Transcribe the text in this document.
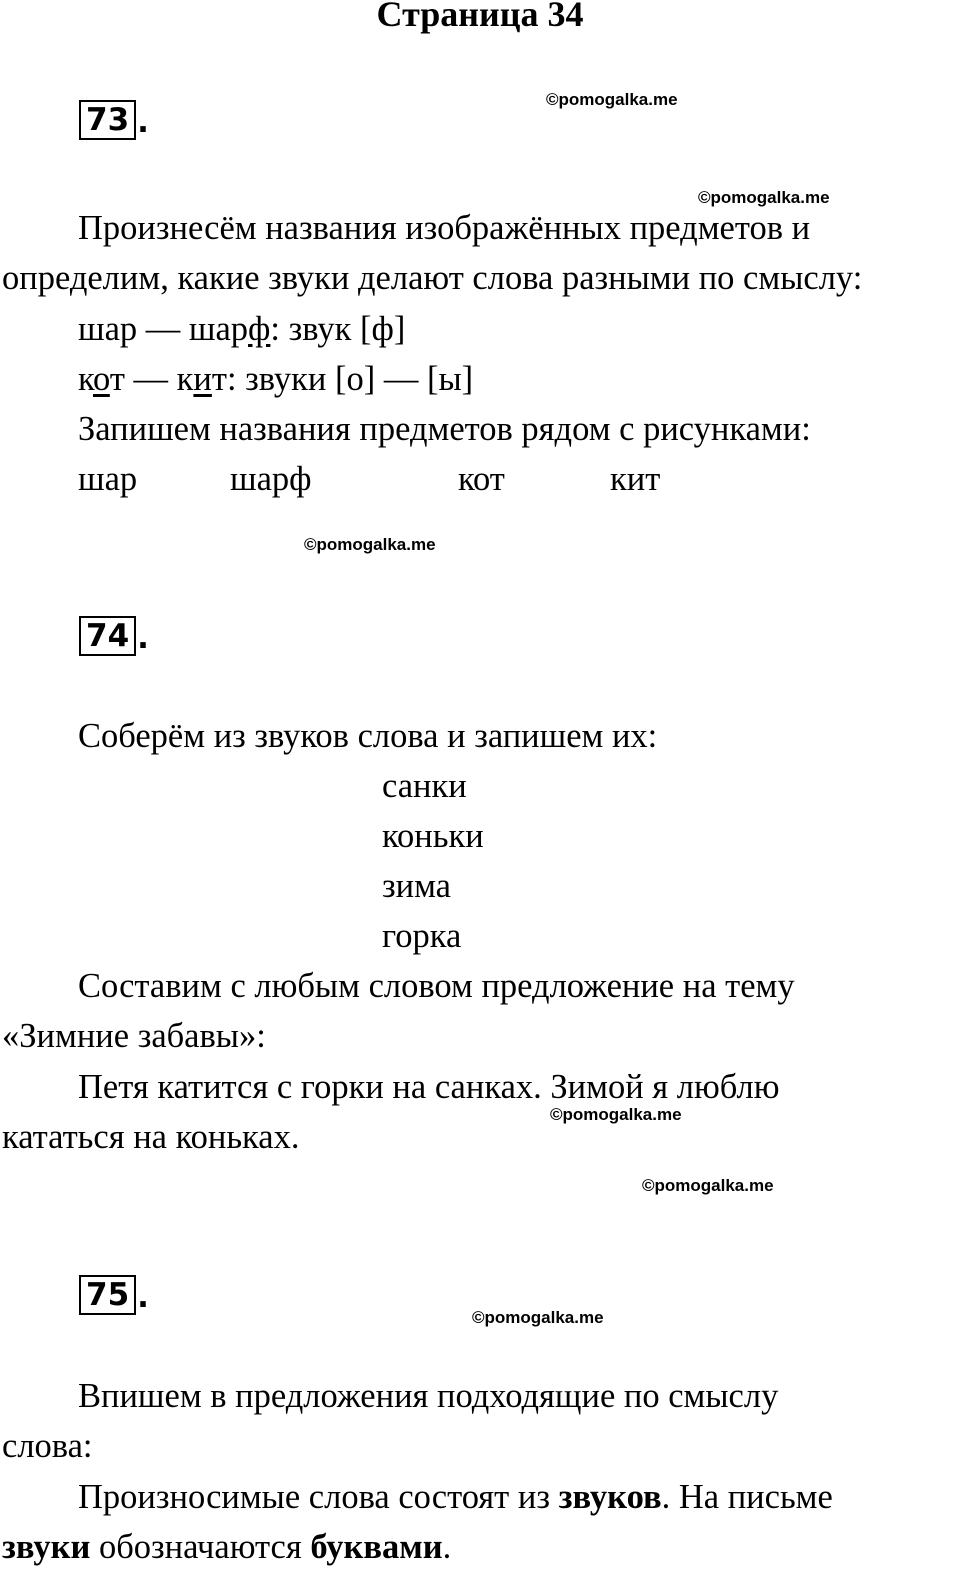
Страница 34
73 .
©pomogalka.me
©pomogalka.me
Произнесём названия изображённых предметов и
определим, какие звуки делают слова разными по смыслу:
шар — шарф: звук [ф]
кот — кит: звуки [о] — [ы]
Запишем названия предметов рядом с рисунками:
шар	шарф	кот	кит
©pomogalka.me
74 .
Соберём из звуков слова и запишем их:
санки
коньки
зима
горка
Составим с любым словом предложение на тему
«Зимние забавы»:
Петя катится с горки на санках. Зимой я люблю
©pomogalka.me
кататься на коньках.
©pomogalka.me
75 .
©pomogalka.me
Впишем в предложения подходящие по смыслу
слова:
Произносимые слова состоят из звуков. На письме
звуки обозначаются буквами.
